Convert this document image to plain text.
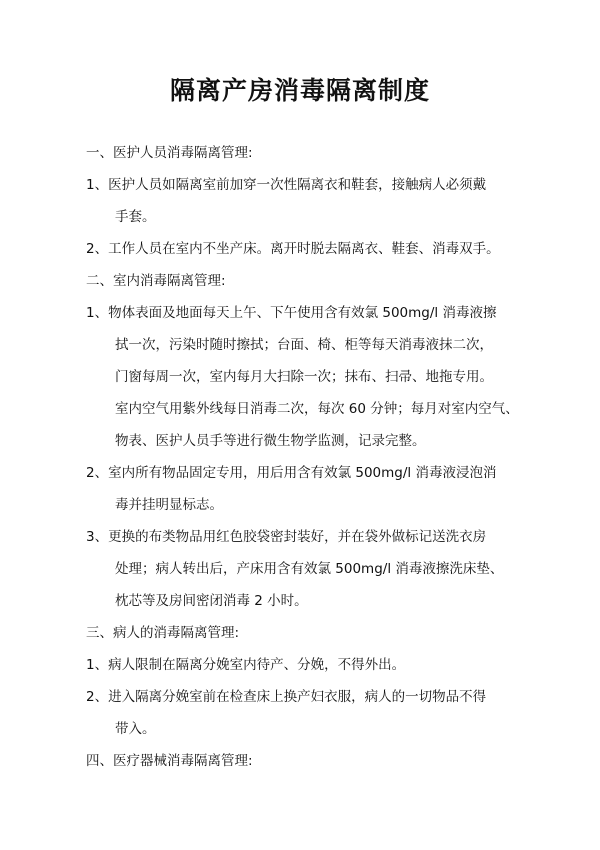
隔离产房消毒隔离制度
一、医护人员消毒隔离管理:
1、医护人员如隔离室前加穿一次性隔离衣和鞋套，接触病人必须戴
手套。
2、工作人员在室内不坐产床。离开时脱去隔离衣、鞋套、消毒双手。
二、室内消毒隔离管理:
1、物体表面及地面每天上午、下午使用含有效氯 500mg/l 消毒液擦
拭一次，污染时随时擦拭；台面、椅、柜等每天消毒液抹二次，
门窗每周一次，室内每月大扫除一次；抹布、扫帚、地拖专用。
室内空气用紫外线每日消毒二次，每次 60 分钟；每月对室内空气、
物表、医护人员手等进行微生物学监测，记录完整。
2、室内所有物品固定专用，用后用含有效氯 500mg/l 消毒液浸泡消
毒并挂明显标志。
3、更换的布类物品用红色胶袋密封装好，并在袋外做标记送洗衣房
处理；病人转出后，产床用含有效氯 500mg/l 消毒液擦洗床垫、
枕芯等及房间密闭消毒 2 小时。
三、病人的消毒隔离管理:
1、病人限制在隔离分娩室内待产、分娩，不得外出。
2、进入隔离分娩室前在检查床上换产妇衣服，病人的一切物品不得
带入。
四、医疗器械消毒隔离管理:
